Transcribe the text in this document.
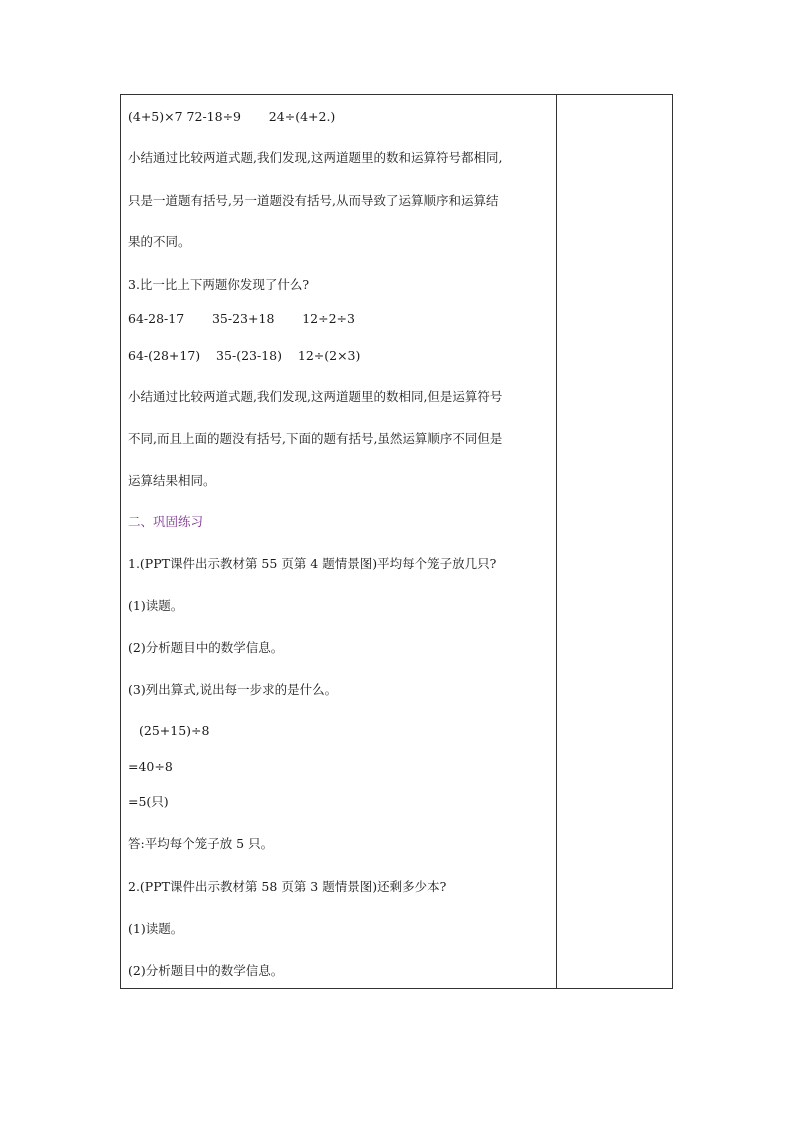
(4+5)×7 72-18÷9       24÷(4+2.)
小结通过比较两道式题,我们发现,这两道题里的数和运算符号都相同,
只是一道题有括号,另一道题没有括号,从而导致了运算顺序和运算结
果的不同。
3.比一比上下两题你发现了什么?
64-28-17       35-23+18       12÷2÷3
64-(28+17)    35-(23-18)    12÷(2×3)
小结通过比较两道式题,我们发现,这两道题里的数相同,但是运算符号
不同,而且上面的题没有括号,下面的题有括号,虽然运算顺序不同但是
运算结果相同。
二、巩固练习
1.(PPT课件出示教材第 55 页第 4 题情景图)平均每个笼子放几只?
(1)读题。
(2)分析题目中的数学信息。
(3)列出算式,说出每一步求的是什么。
(25+15)÷8
=40÷8
=5(只)
答:平均每个笼子放 5 只。
2.(PPT课件出示教材第 58 页第 3 题情景图)还剩多少本?
(1)读题。
(2)分析题目中的数学信息。
